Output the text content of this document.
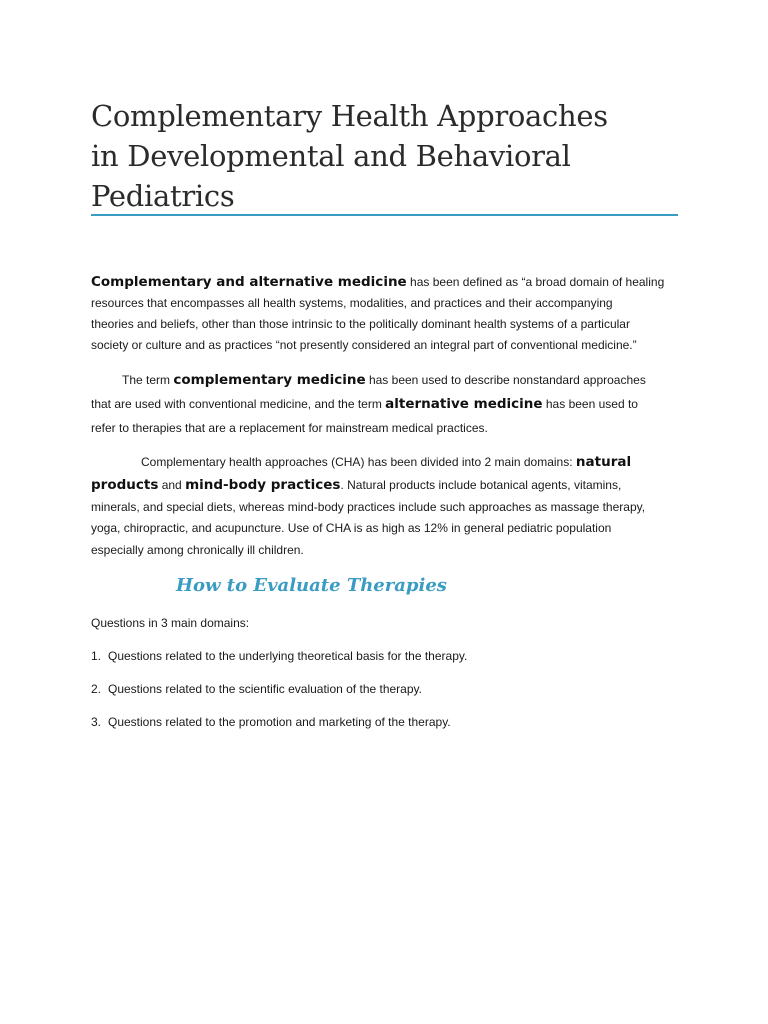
Complementary Health Approaches
in Developmental and Behavioral
Pediatrics

Complementary and alternative medicine has been defined as “a broad domain of healing
resources that encompasses all health systems, modalities, and practices and their accompanying
theories and beliefs, other than those intrinsic to the politically dominant health systems of a particular
society or culture and as practices “not presently considered an integral part of conventional medicine.”

The term complementary medicine has been used to describe nonstandard approaches
that are used with conventional medicine, and the term alternative medicine has been used to
refer to therapies that are a replacement for mainstream medical practices.

Complementary health approaches (CHA) has been divided into 2 main domains: natural
products and mind-body practices. Natural products include botanical agents, vitamins,
minerals, and special diets, whereas mind-body practices include such approaches as massage therapy,
yoga, chiropractic, and acupuncture. Use of CHA is as high as 12% in general pediatric population
especially among chronically ill children.

How to Evaluate Therapies

Questions in 3 main domains:

1. Questions related to the underlying theoretical basis for the therapy.
2. Questions related to the scientific evaluation of the therapy.
3. Questions related to the promotion and marketing of the therapy.
